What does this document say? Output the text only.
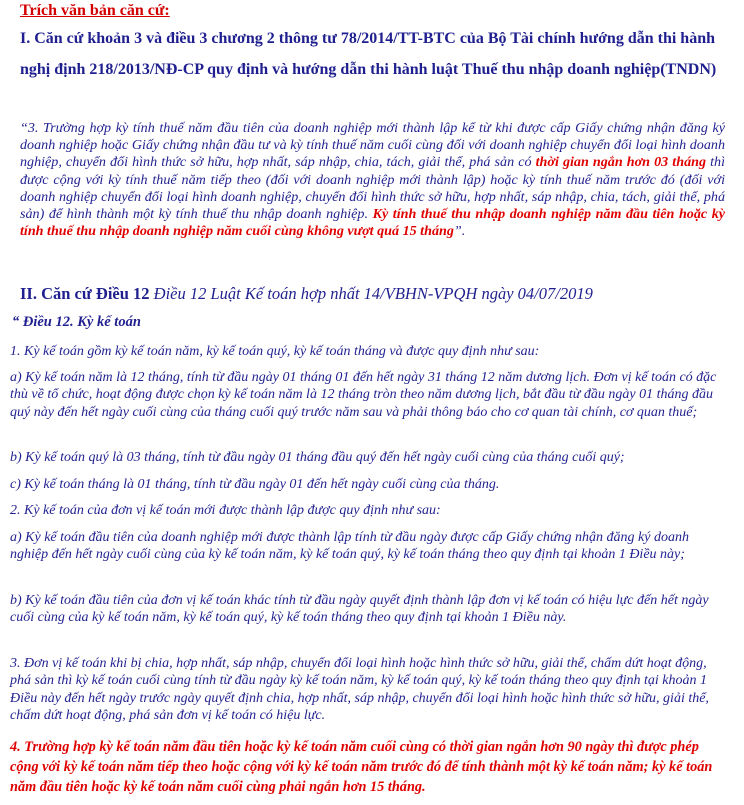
Trích văn bản căn cứ:
I. Căn cứ khoản 3 và điều 3 chương 2 thông tư 78/2014/TT-BTC của Bộ Tài chính hướng dẫn thi hành nghị định 218/2013/NĐ-CP quy định và hướng dẫn thi hành luật Thuế thu nhập doanh nghiệp(TNDN)
“3. Trường hợp kỳ tính thuế năm đầu tiên của doanh nghiệp mới thành lập kể từ khi được cấp Giấy chứng nhận đăng ký doanh nghiệp hoặc Giấy chứng nhận đầu tư và kỳ tính thuế năm cuối cùng đối với doanh nghiệp chuyển đổi loại hình doanh nghiệp, chuyển đổi hình thức sở hữu, hợp nhất, sáp nhập, chia, tách, giải thể, phá sản có thời gian ngắn hơn 03 tháng thì được cộng với kỳ tính thuế năm tiếp theo (đối với doanh nghiệp mới thành lập) hoặc kỳ tính thuế năm trước đó (đối với doanh nghiệp chuyển đổi loại hình doanh nghiệp, chuyển đổi hình thức sở hữu, hợp nhất, sáp nhập, chia, tách, giải thể, phá sản) để hình thành một kỳ tính thuế thu nhập doanh nghiệp. Kỳ tính thuế thu nhập doanh nghiệp năm đầu tiên hoặc kỳ tính thuế thu nhập doanh nghiệp năm cuối cùng không vượt quá 15 tháng”.
II. Căn cứ Điều 12 Điều 12 Luật Kế toán hợp nhất 14/VBHN-VPQH ngày 04/07/2019
“ Điều 12. Kỳ kế toán
1. Kỳ kế toán gồm kỳ kế toán năm, kỳ kế toán quý, kỳ kế toán tháng và được quy định như sau:
a) Kỳ kế toán năm là 12 tháng, tính từ đầu ngày 01 tháng 01 đến hết ngày 31 tháng 12 năm dương lịch. Đơn vị kế toán có đặc thù về tổ chức, hoạt động được chọn kỳ kế toán năm là 12 tháng tròn theo năm dương lịch, bắt đầu từ đầu ngày 01 tháng đầu quý này đến hết ngày cuối cùng của tháng cuối quý trước năm sau và phải thông báo cho cơ quan tài chính, cơ quan thuế;
b) Kỳ kế toán quý là 03 tháng, tính từ đầu ngày 01 tháng đầu quý đến hết ngày cuối cùng của tháng cuối quý;
c) Kỳ kế toán tháng là 01 tháng, tính từ đầu ngày 01 đến hết ngày cuối cùng của tháng.
2. Kỳ kế toán của đơn vị kế toán mới được thành lập được quy định như sau:
a) Kỳ kế toán đầu tiên của doanh nghiệp mới được thành lập tính từ đầu ngày được cấp Giấy chứng nhận đăng ký doanh nghiệp đến hết ngày cuối cùng của kỳ kế toán năm, kỳ kế toán quý, kỳ kế toán tháng theo quy định tại khoản 1 Điều này;
b) Kỳ kế toán đầu tiên của đơn vị kế toán khác tính từ đầu ngày quyết định thành lập đơn vị kế toán có hiệu lực đến hết ngày cuối cùng của kỳ kế toán năm, kỳ kế toán quý, kỳ kế toán tháng theo quy định tại khoản 1 Điều này.
3. Đơn vị kế toán khi bị chia, hợp nhất, sáp nhập, chuyển đổi loại hình hoặc hình thức sở hữu, giải thể, chấm dứt hoạt động, phá sản thì kỳ kế toán cuối cùng tính từ đầu ngày kỳ kế toán năm, kỳ kế toán quý, kỳ kế toán tháng theo quy định tại khoản 1 Điều này đến hết ngày trước ngày quyết định chia, hợp nhất, sáp nhập, chuyển đổi loại hình hoặc hình thức sở hữu, giải thể, chấm dứt hoạt động, phá sản đơn vị kế toán có hiệu lực.
4. Trường hợp kỳ kế toán năm đầu tiên hoặc kỳ kế toán năm cuối cùng có thời gian ngắn hơn 90 ngày thì được phép cộng với kỳ kế toán năm tiếp theo hoặc cộng với kỳ kế toán năm trước đó để tính thành một kỳ kế toán năm; kỳ kế toán năm đầu tiên hoặc kỳ kế toán năm cuối cùng phải ngắn hơn 15 tháng.
